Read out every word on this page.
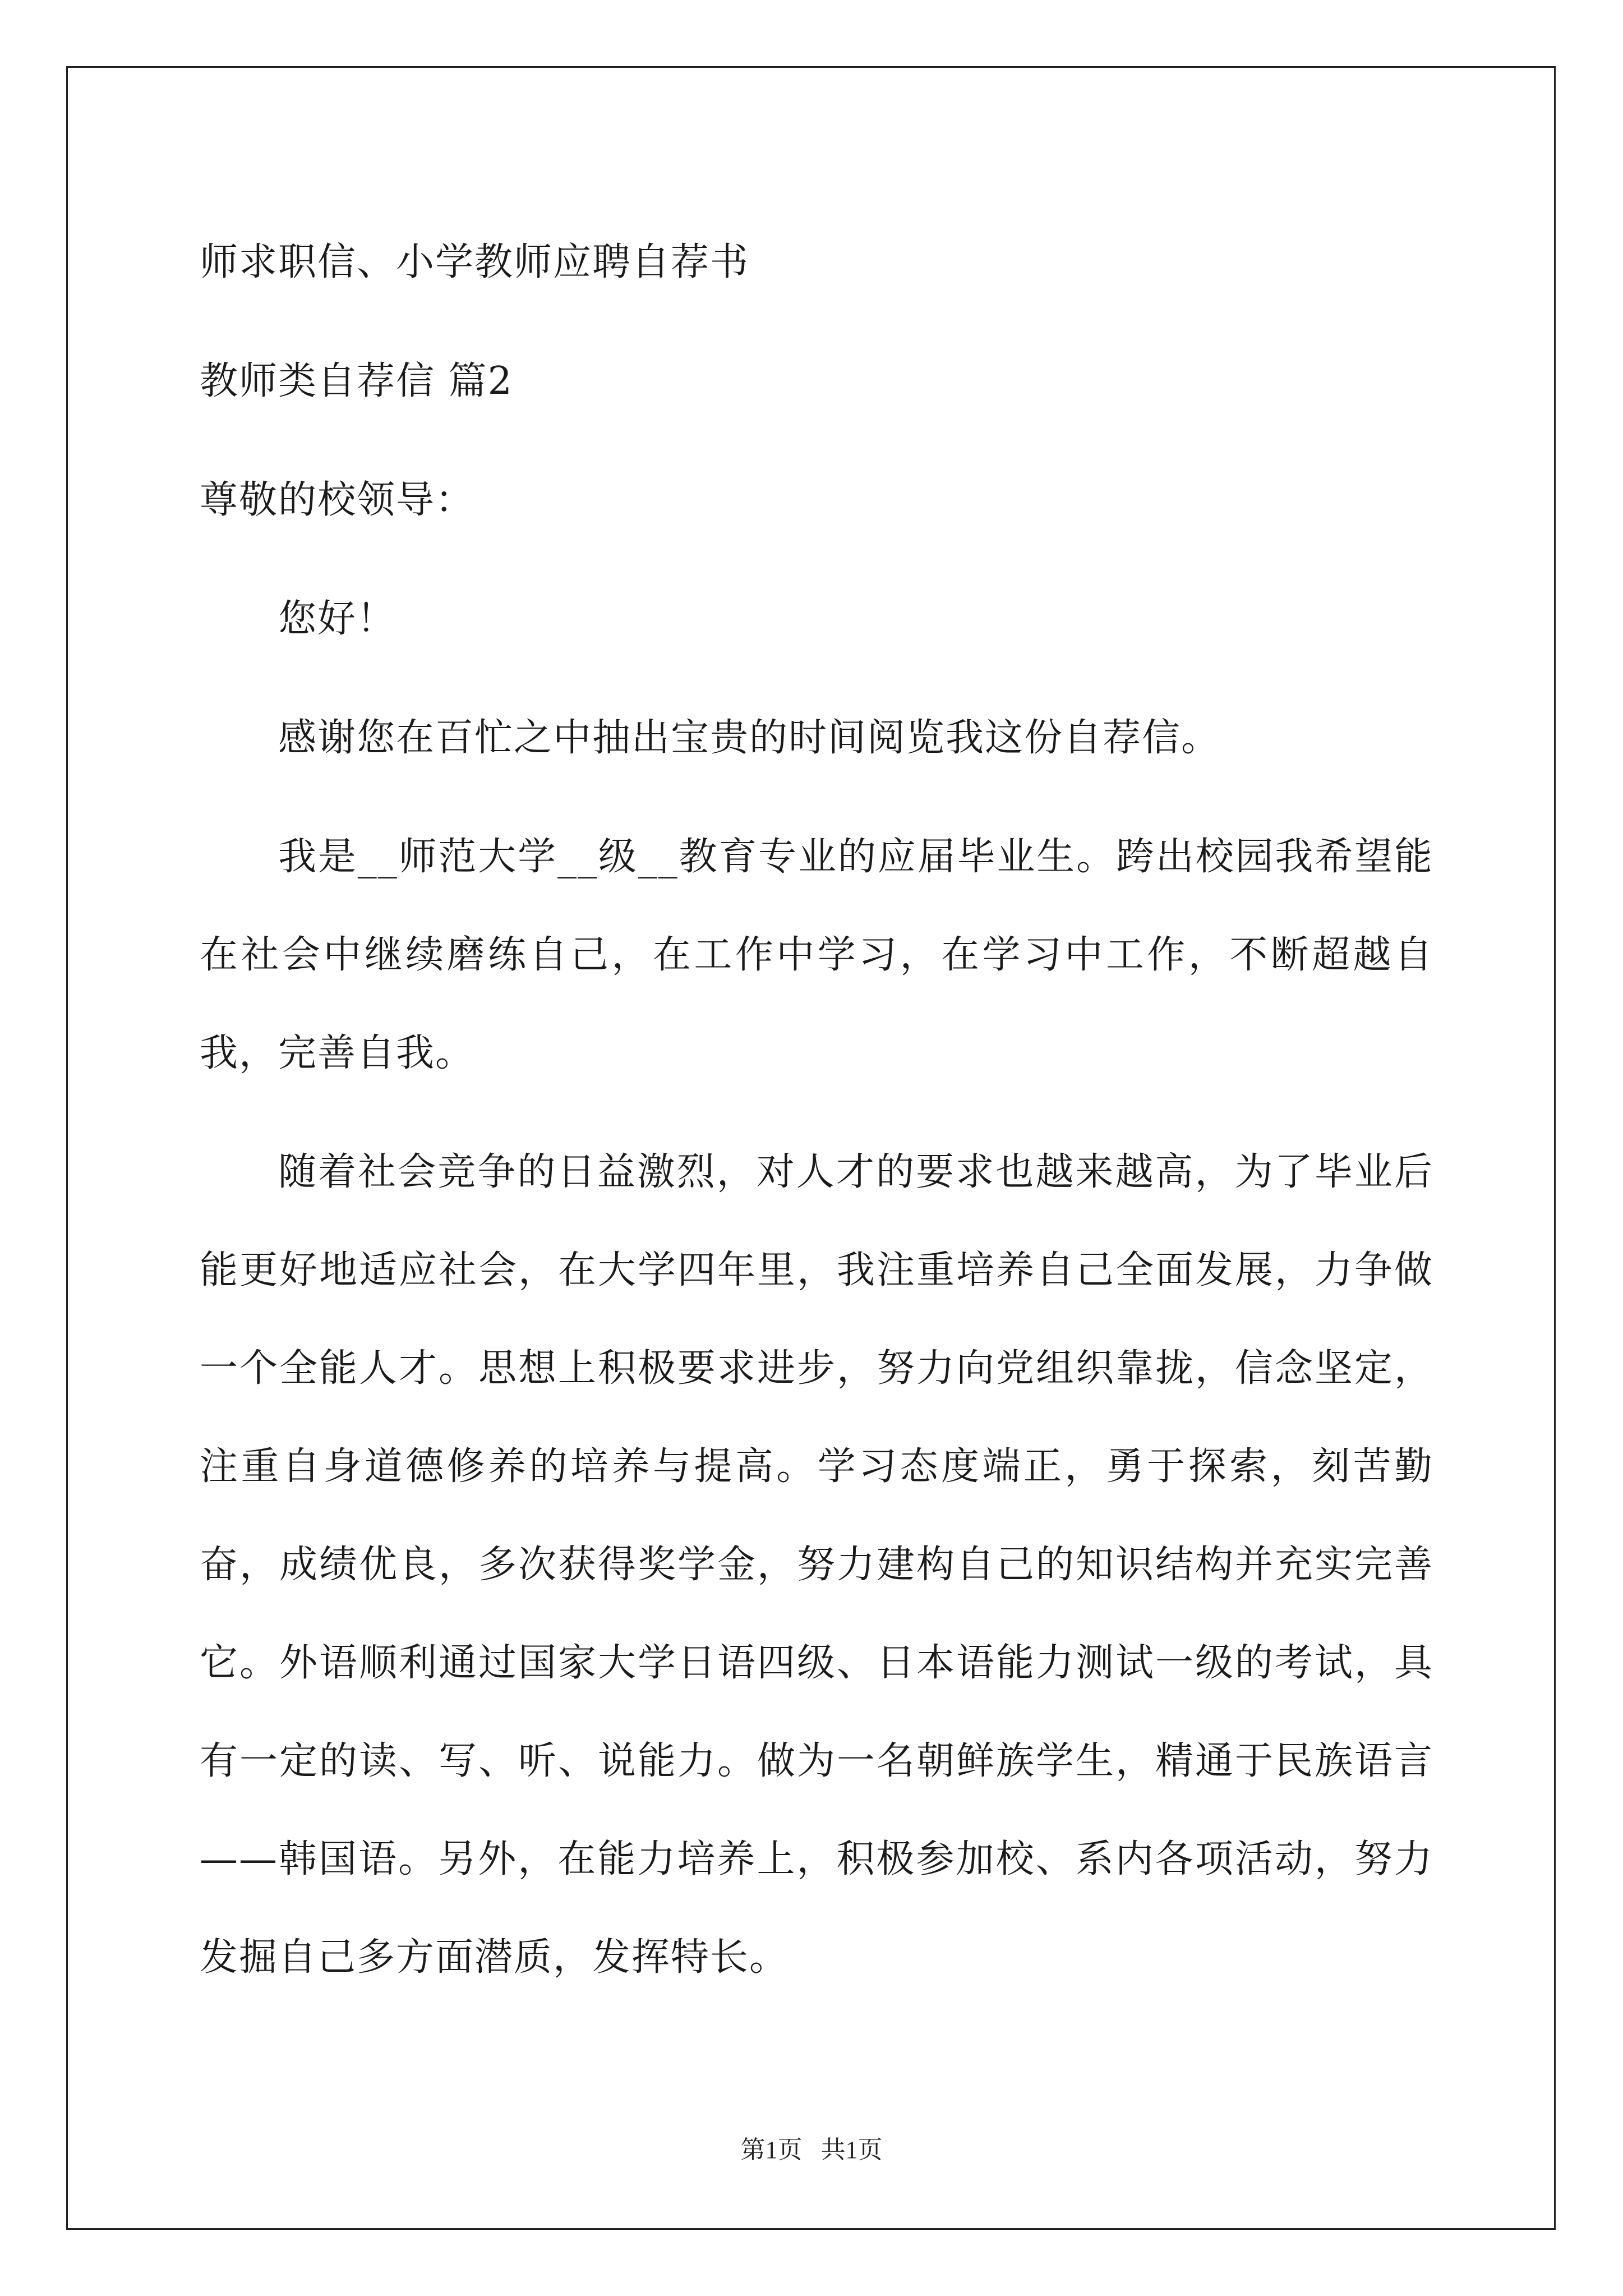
师求职信、小学教师应聘自荐书

教师类自荐信 篇2

尊敬的校领导：

您好！

感谢您在百忙之中抽出宝贵的时间阅览我这份自荐信。

我是__师范大学__级__教育专业的应届毕业生。跨出校园我希望能在社会中继续磨练自己，在工作中学习，在学习中工作，不断超越自我，完善自我。

随着社会竞争的日益激烈，对人才的要求也越来越高，为了毕业后能更好地适应社会，在大学四年里，我注重培养自己全面发展，力争做一个全能人才。思想上积极要求进步，努力向党组织靠拢，信念坚定，注重自身道德修养的培养与提高。学习态度端正，勇于探索，刻苦勤奋，成绩优良，多次获得奖学金，努力建构自己的知识结构并充实完善它。外语顺利通过国家大学日语四级、日本语能力测试一级的考试，具有一定的读、写、听、说能力。做为一名朝鲜族学生，精通于民族语言——韩国语。另外，在能力培养上，积极参加校、系内各项活动，努力发掘自己多方面潜质，发挥特长。

第1页   共1页
